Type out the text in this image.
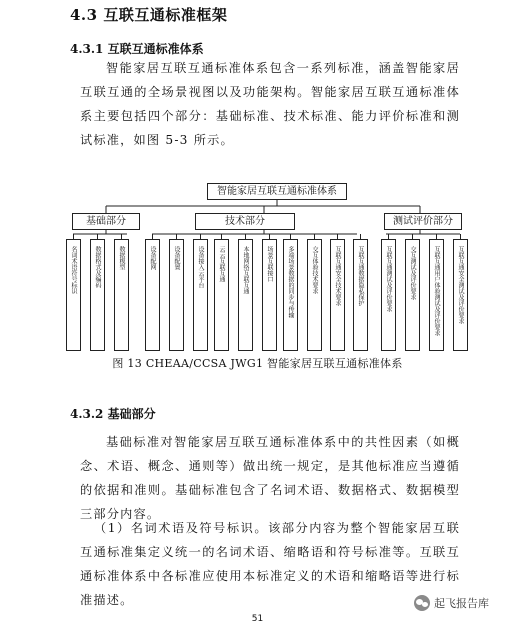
4.3 互联互通标准框架
4.3.1 互联互通标准体系
智能家居互联互通标准体系包含一系列标准，涵盖智能家居互联互通的全场景视图以及功能架构。智能家居互联互通标准体系主要包括四个部分：基础标准、技术标准、能力评价标准和测试标准，如图 5-3 所示。
智能家居互联互通标准体系
基础部分	技术部分	测试评价部分
名词术语符号标识	数据格式及编码	数据模型	设备配网	设备配置	设备接入云平台	云云互联互通	本地网络互联互通	场景互联接口	多端场景数据的同步与传输	交互体验技术要求	互联互通安全技术要求	互联互通数据隐私保护	互联互通测试及评价要求	交互测试及评价要求	互联互通用户体验测试及评价要求	互联互通安全测试及评价要求
图 13 CHEAA/CCSA JWG1 智能家居互联互通标准体系
4.3.2 基础部分
基础标准对智能家居互联互通标准体系中的共性因素（如概念、术语、概念、通则等）做出统一规定，是其他标准应当遵循的依据和准则。基础标准包含了名词术语、数据格式、数据模型三部分内容。
（1）名词术语及符号标识。该部分内容为整个智能家居互联互通标准集定义统一的名词术语、缩略语和符号标准等。互联互通标准体系中各标准应使用本标准定义的术语和缩略语等进行标准描述。
51
起飞报告库
